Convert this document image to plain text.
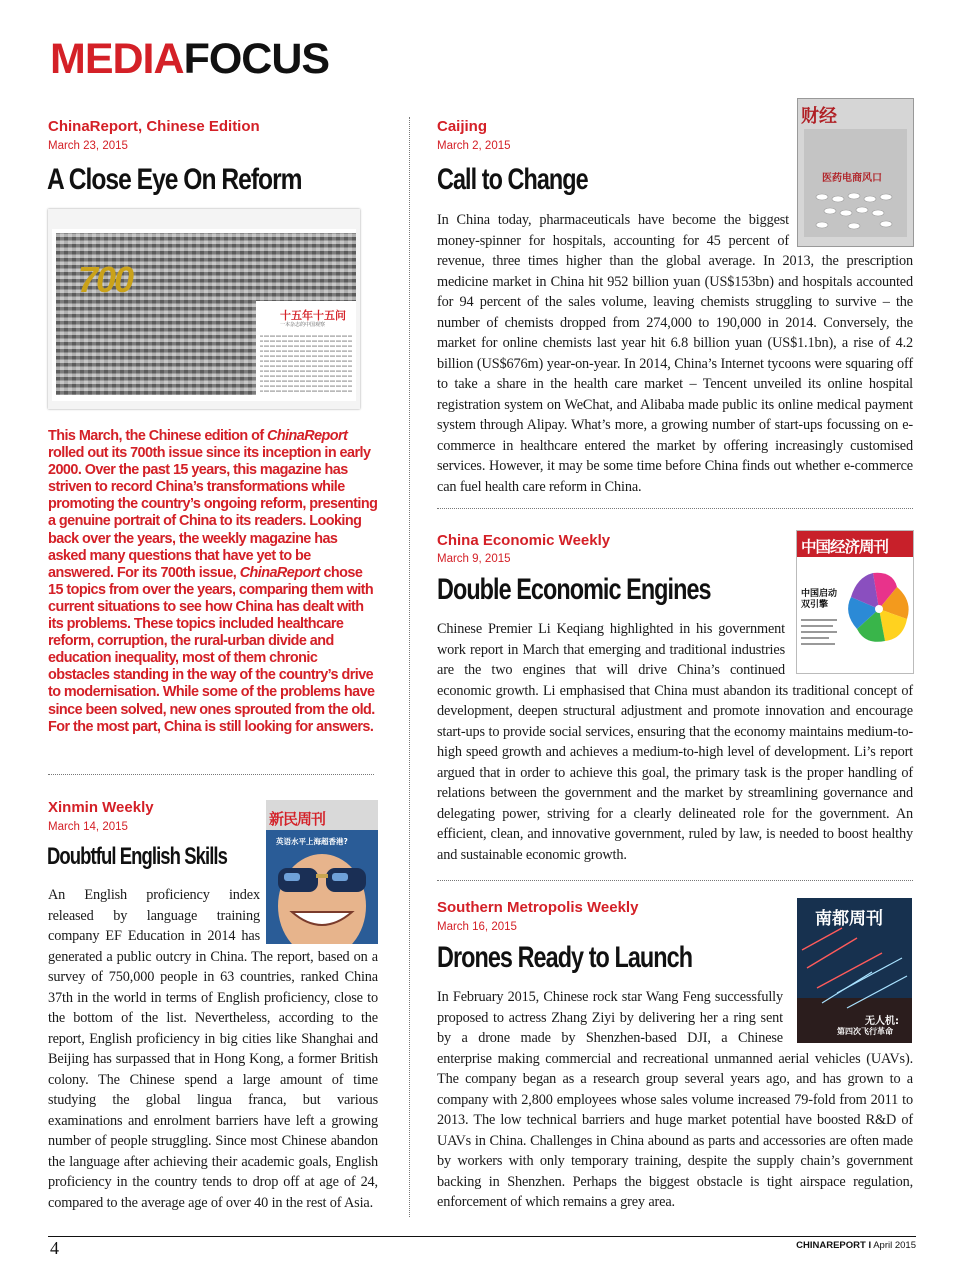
MEDIAFOCUS
ChinaReport, Chinese Edition
March 23, 2015
A Close Eye On Reform
700
十五年十五问
一本杂志的中国观察

This March, the Chinese edition of ChinaReport rolled out its 700th issue since its inception in early 2000. Over the past 15 years, this magazine has striven to record China’s transformations while promoting the country’s ongoing reform, presenting a genuine portrait of China to its readers. Looking back over the years, the weekly magazine has asked many questions that have yet to be answered. For its 700th issue, ChinaReport chose 15 topics from over the years, comparing them with current situations to see how China has dealt with its problems. These topics included healthcare reform, corruption, the rural-urban divide and education inequality, most of them chronic obstacles standing in the way of the country’s drive to modernisation. While some of the problems have since been solved, new ones sprouted from the old. For the most part, China is still looking for answers.

Xinmin Weekly
March 14, 2015
Doubtful English Skills

An English proficiency index released by language training company EF Education in 2014 has generated a public outcry in China. The report, based on a survey of 750,000 people in 63 countries, ranked China 37th in the world in terms of English proficiency, close to the bottom of the list. Nevertheless, according to the report, English proficiency in big cities like Shanghai and Beijing has surpassed that in Hong Kong, a former British colony. The Chinese spend a large amount of time studying the global lingua franca, but various examinations and enrolment barriers have left a growing number of people struggling. Since most Chinese abandon the language after achieving their academic goals, English proficiency in the country tends to drop off at age of 24, compared to the average age of over 40 in the rest of Asia.

新民周刊
英语水平上海超香港?
Caijing
March 2, 2015
Call to Change

In China today, pharmaceuticals have become the biggest money-spinner for hospitals, accounting for 45 percent of revenue, three times higher than the global average. In 2013, the prescription medicine market in China hit 952 billion yuan (US$153bn) and hospitals accounted for 94 percent of the sales volume, leaving chemists struggling to survive – the number of chemists dropped from 274,000 to 190,000 in 2014. Conversely, the market for online chemists last year hit 6.8 billion yuan (US$1.1bn), a rise of 4.2 billion (US$676m) year-on-year. In 2014, China’s Internet tycoons were squaring off to take a share in the health care market – Tencent unveiled its online hospital registration system on WeChat, and Alibaba made public its online medical payment system through Alipay. What’s more, a growing number of start-ups focussing on e-commerce in healthcare entered the market by offering increasingly customised services. However, it may be some time before China finds out whether e-commerce can fuel health care reform in China.

财经
医药电商风口
China Economic Weekly
March 9, 2015
Double Economic Engines

Chinese Premier Li Keqiang highlighted in his government work report in March that emerging and traditional industries are the two engines that will drive China’s continued economic growth. Li emphasised that China must abandon its traditional concept of development, deepen structural adjustment and promote innovation and encourage start-ups to provide social services, ensuring that the economy maintains medium-to-high speed growth and achieves a medium-to-high level of development. Li’s report argued that in order to achieve this goal, the primary task is the proper handling of relations between the government and the market by streamlining governance and delegating power, striving for a clearly delineated role for the government. An efficient, clean, and innovative government, ruled by law, is needed to boost healthy and sustainable economic growth.

中国经济周刊
中国启动双引擎
Southern Metropolis Weekly
March 16, 2015
Drones Ready to Launch

In February 2015, Chinese rock star Wang Feng successfully proposed to actress Zhang Ziyi by delivering her a ring sent by a drone made by Shenzhen-based DJI, a Chinese enterprise making commercial and recreational unmanned aerial vehicles (UAVs). The company began as a research group several years ago, and has grown to a company with 2,800 employees whose sales volume increased 79-fold from 2011 to 2013. The low technical barriers and huge market potential have boosted R&D of UAVs in China. Challenges in China abound as parts and accessories are often made by workers with only temporary training, despite the supply chain’s government backing in Shenzhen. Perhaps the biggest obstacle is tight airspace regulation, enforcement of which remains a grey area.

南都周刊
无人机:
第四次飞行革命
4	CHINAREPORT I April 2015
